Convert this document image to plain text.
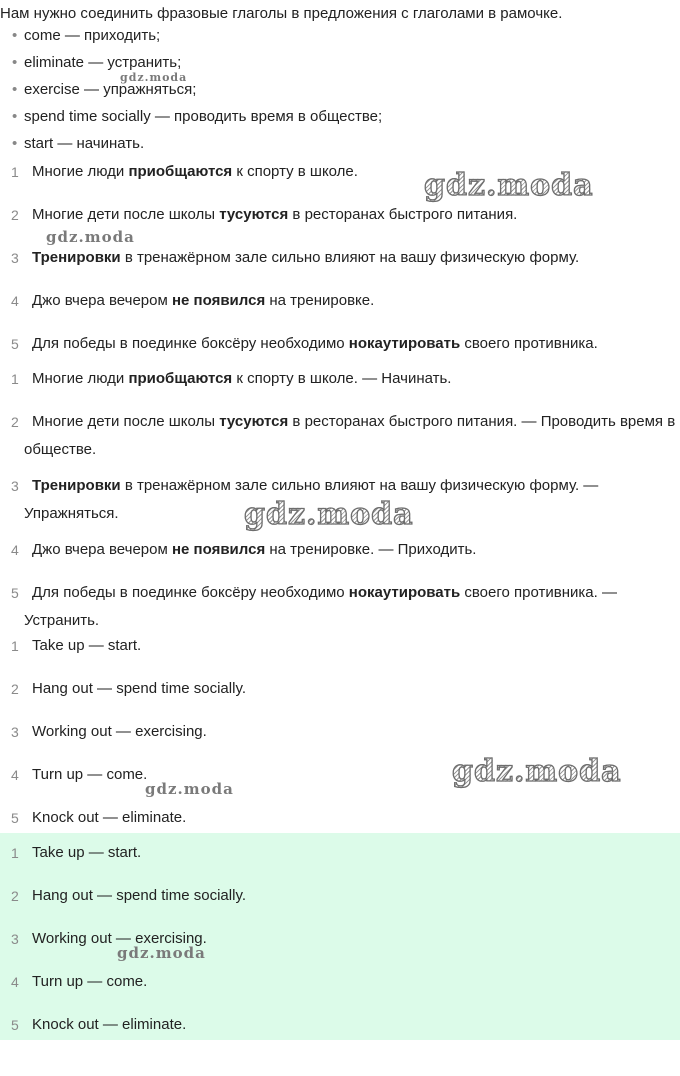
Нам нужно соединить фразовые глаголы в предложения с глаголами в рамочке.

• come — приходить;
• eliminate — устранить;
• exercise — упражняться;
• spend time socially — проводить время в обществе;
• start — начинать.
1 Многие люди приобщаются к спорту в школе.
2 Многие дети после школы тусуются в ресторанах быстрого питания.
3 Тренировки в тренажёрном зале сильно влияют на вашу физическую форму.
4 Джо вчера вечером не появился на тренировке.
5 Для победы в поединке боксёру необходимо нокаутировать своего противника.
1 Многие люди приобщаются к спорту в школе. — Начинать.
2 Многие дети после школы тусуются в ресторанах быстрого питания. — Проводить время в обществе.
3 Тренировки в тренажёрном зале сильно влияют на вашу физическую форму. — Упражняться.
4 Джо вчера вечером не появился на тренировке. — Приходить.
5 Для победы в поединке боксёру необходимо нокаутировать своего противника. — Устранить.
1 Take up — start.
2 Hang out — spend time socially.
3 Working out — exercising.
4 Turn up — come.
5 Knock out — eliminate.
1 Take up — start.
2 Hang out — spend time socially.
3 Working out — exercising.
4 Turn up — come.
5 Knock out — eliminate.
gdz.moda
gdz.moda
gdz.moda
gdz.moda
gdz.moda
gdz.moda
gdz.moda
